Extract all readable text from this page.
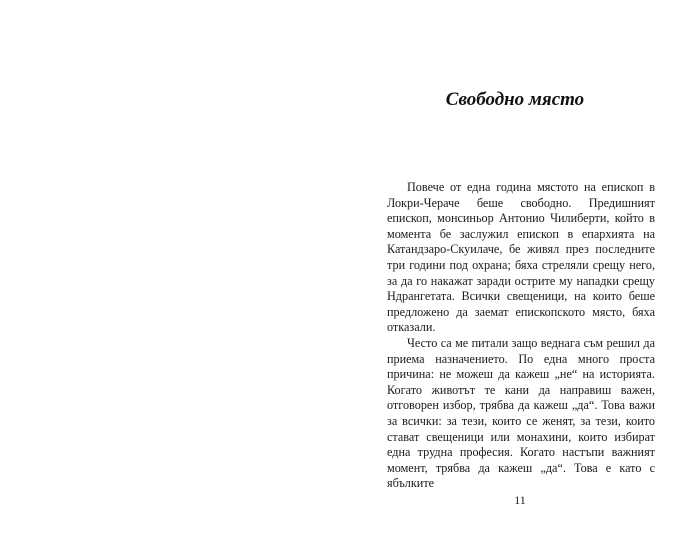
Свободно място

Повече от една година мястото на епископ в Локри-Черачe беше свободно. Предишният епископ, монсиньор Антонио Чилиберти, който в момента бе заслужил епископ в епархията на Катандзаро-Скуилаче, бе живял през последните три години под охрана; бяха стреляли срещу него, за да го накажат заради острите му нападки срещу Ндрангетата. Всички свещеници, на които беше предложено да заемат епископското място, бяха отказали.

Често са ме питали защо веднага съм решил да приема назначението. По една много проста причина: не можеш да кажеш „не“ на историята. Когато животът те кани да направиш важен, отговорен избор, трябва да кажеш „да“. Това важи за всички: за тези, които се женят, за тези, които стават свещеници или монахини, които избират една трудна професия. Когато настъпи важният момент, трябва да кажеш „да“. Това е като с ябълките

11
